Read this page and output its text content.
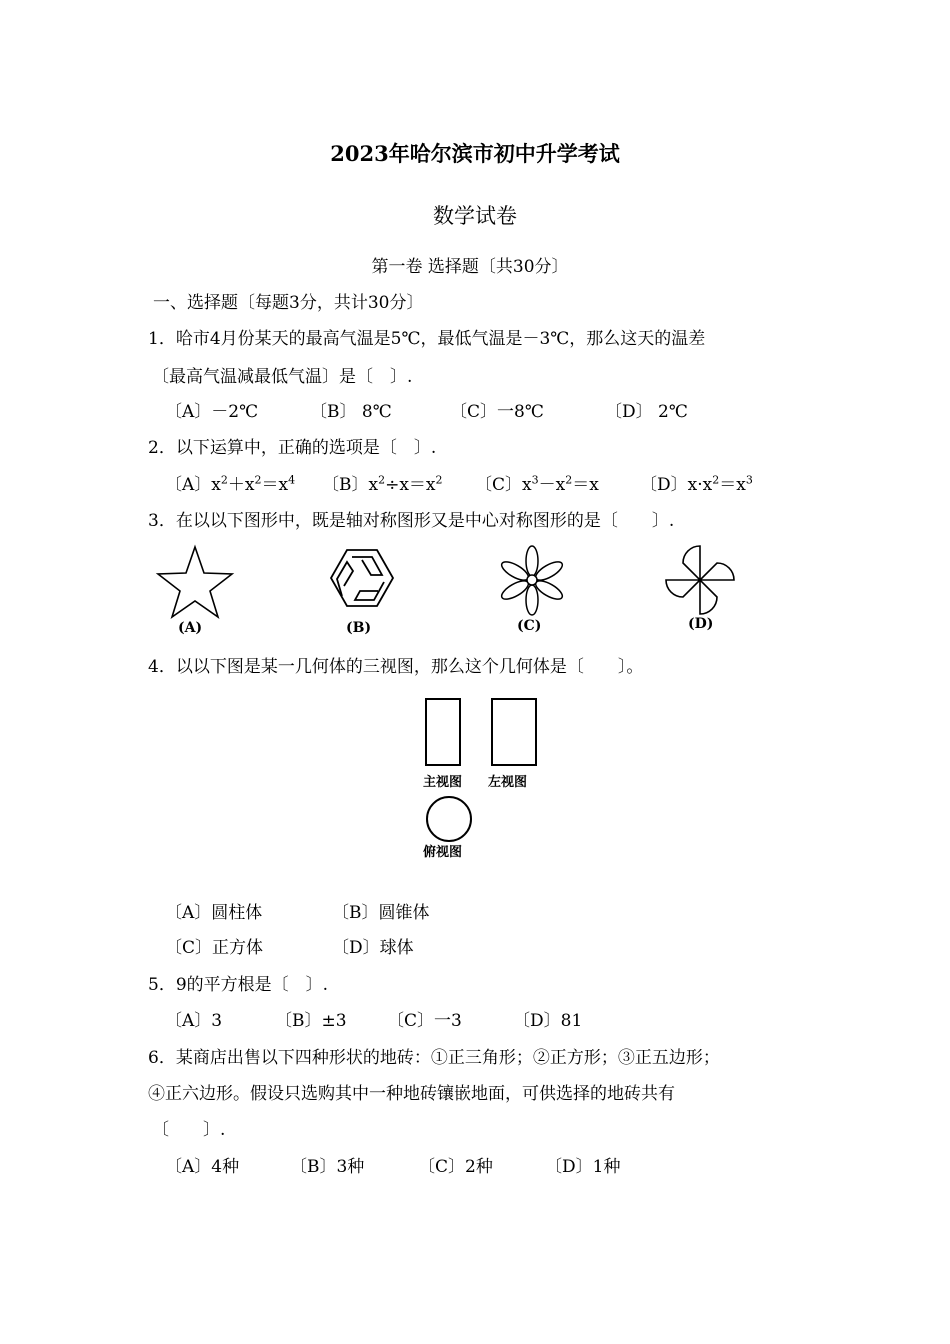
2023年哈尔滨市初中升学考试
数学试卷
第一卷 选择题〔共30分〕
一、选择题〔每题3分，共计30分〕
1．哈市4月份某天的最高气温是5℃，最低气温是－3℃，那么这天的温差
〔最高气温减最低气温〕是〔　〕.
〔A〕－2℃	〔B〕 8℃	〔C〕一8℃	〔D〕 2℃
2．以下运算中，正确的选项是〔　〕.
〔A〕$x^2+x^2=x^4$ 〔B〕$x^2\div x=x^2$ 〔C〕$x^3-x^2=x$ 〔D〕$x\cdot x^2=x^3$
3．在以以下图形中，既是轴对称图形又是中心对称图形的是〔　　〕.
(A)	(B)	(C)	(D)
4．以以下图是某一几何体的三视图，那么这个几何体是〔　　〕。
主视图 左视图
俯视图
〔A〕圆柱体	〔B〕圆锥体
〔C〕正方体	〔D〕球体
5．9的平方根是〔　〕.
〔A〕3	〔B〕±3 〔C〕一3	〔D〕81
6．某商店出售以下四种形状的地砖：①正三角形；②正方形；③正五边形；
④正六边形。假设只选购其中一种地砖镶嵌地面，可供选择的地砖共有
〔　　〕.
〔A〕4种	〔B〕3种	〔C〕2种	〔D〕1种
